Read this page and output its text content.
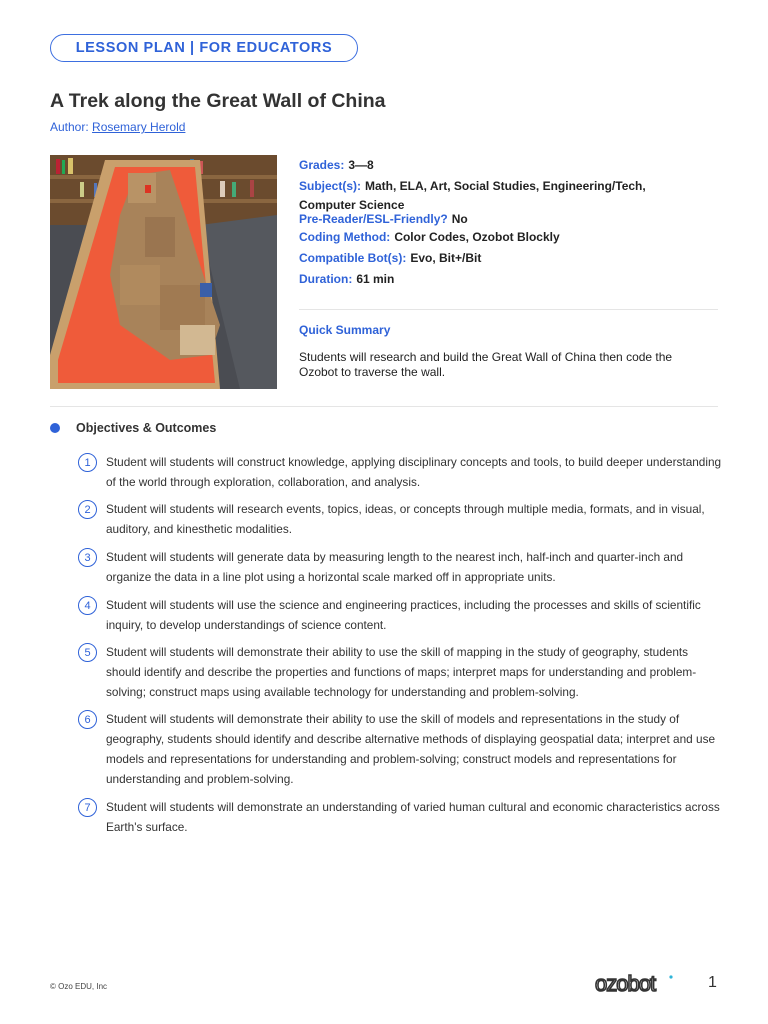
LESSON PLAN | FOR EDUCATORS
A Trek along the Great Wall of China
Author: Rosemary Herold
Grades: 3—8
Subject(s): Math, ELA, Art, Social Studies, Engineering/Tech,
Computer Science
Pre-Reader/ESL-Friendly? No
Coding Method: Color Codes, Ozobot Blockly
Compatible Bot(s): Evo, Bit+/Bit
Duration: 61 min
Quick Summary
Students will research and build the Great Wall of China then code the Ozobot to traverse the wall.
Objectives & Outcomes
1	Student will students will construct knowledge, applying disciplinary concepts and tools, to build deeper understanding of the world through exploration, collaboration, and analysis.
2	Student will students will research events, topics, ideas, or concepts through multiple media, formats, and in visual, auditory, and kinesthetic modalities.
3	Student will students will generate data by measuring length to the nearest inch, half-inch and quarter-inch and organize the data in a line plot using a horizontal scale marked off in appropriate units.
4	Student will students will use the science and engineering practices, including the processes and skills of scientific inquiry, to develop understandings of science content.
5	Student will students will demonstrate their ability to use the skill of mapping in the study of geography, students should identify and describe the properties and functions of maps; interpret maps for understanding and problem-solving; construct maps using available technology for understanding and problem-solving.
6	Student will students will demonstrate their ability to use the skill of models and representations in the study of geography, students should identify and describe alternative methods of displaying geospatial data; interpret and use models and representations for understanding and problem-solving; construct models and representations for understanding and problem-solving.
7	Student will students will demonstrate an understanding of varied human cultural and economic characteristics across Earth's surface.
© Ozo EDU, Inc	ozobot	1
